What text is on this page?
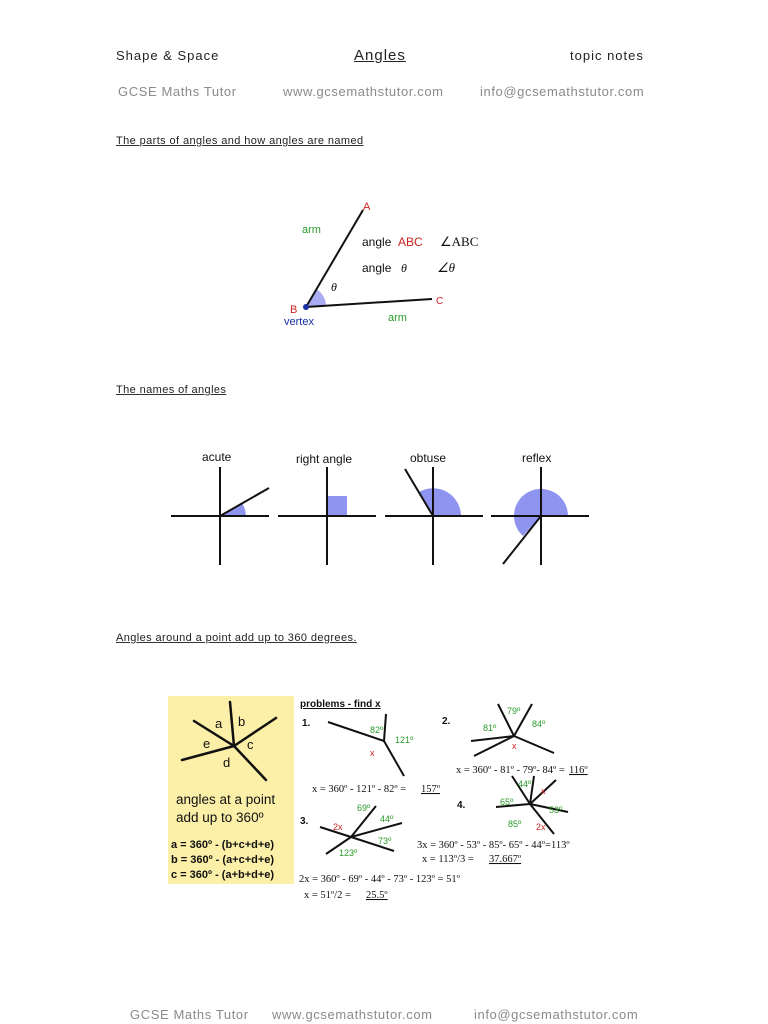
Shape & Space	Angles	topic notes
GCSE Maths Tutor	www.gcsemathstutor.com	info@gcsemathstutor.com
The parts of angles and how angles are named
A
B
C
arm
arm
vertex
θ
angle ABC ∠ABC
angle θ ∠θ
The names of angles
acute	right angle	obtuse	reflex
Angles around a point add up to 360 degrees.
a b
c
d
e
angles at a point
add up to 360º
a = 360º - (b+c+d+e)
b = 360º - (a+c+d+e)
c = 360º - (a+b+d+e)
problems - find x
1.
82º
121º
x
x = 360º - 121º - 82º = 157º
2.
79º
81º	84º
x
x = 360º - 81º - 79º- 84º = 116º
3.
69º
2x
44º
73º
123º
2x = 360º - 69º - 44º - 73º - 123º = 51º
x = 51º/2 = 25.5º
4.
44º
65º
x
53º
85º 2x
3x = 360º - 53º - 85º- 65º - 44º=113º
x = 113º/3 = 37.667º
GCSE Maths Tutor www.gcsemathstutor.com	info@gcsemathstutor.com
